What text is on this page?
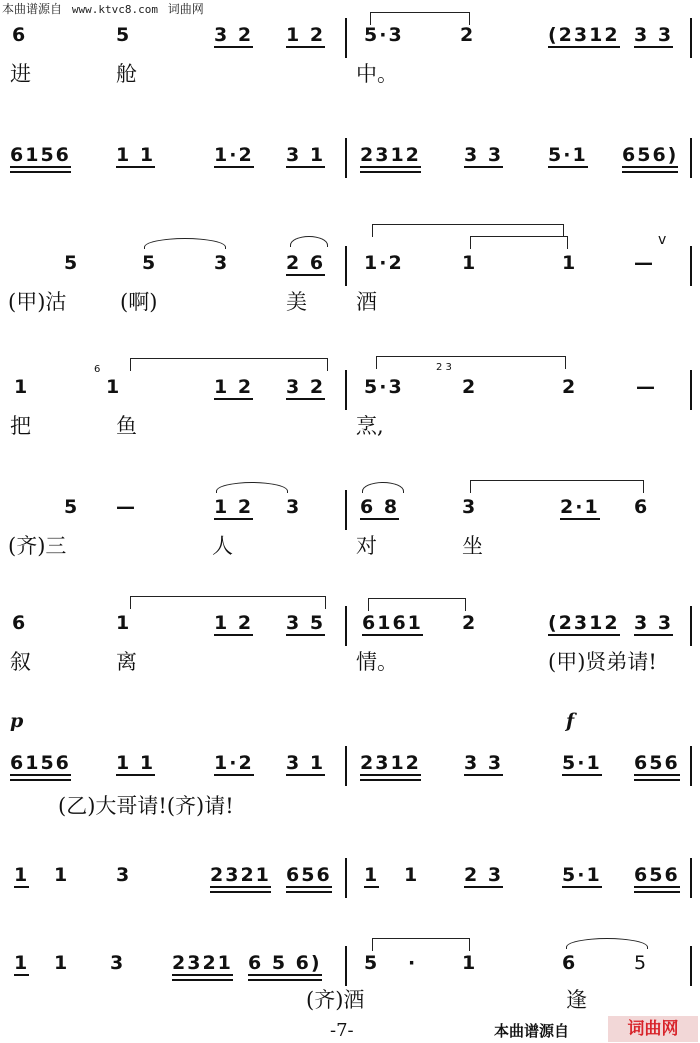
本曲谱源自 www.ktvc8.com 词曲网
6	5	3 2 1 2 5·3	2	(2312 3 3
进	舱	中。
6156 1 1	1·2 3 1 2312 3 3 5·1 656)
5	5	3	2 6 1·2	1	1	—
v
(甲)沽	(啊)	美 酒
1
6
1	1 2 3 2 5·3
2 3
2	2	—
把	鱼	烹,
5 —	1 2 3	6 8	3	2·1 6
(齐)三	人	对	坐
6	1	1 2 3 5 6161 2	(2312 3 3
叙	离	情。	(甲)贤弟请!
p	f
6156 1 1	1·2 3 1 2312 3 3	5·1 656
(乙)大哥请!(齐)请!
1 1 3	2321 656 1 1 2 3	5·1 656
1 1 3 2321 6 5 6) 5 · 1	6	5
(齐)酒	逢
-7-	本曲谱源自	词曲网
